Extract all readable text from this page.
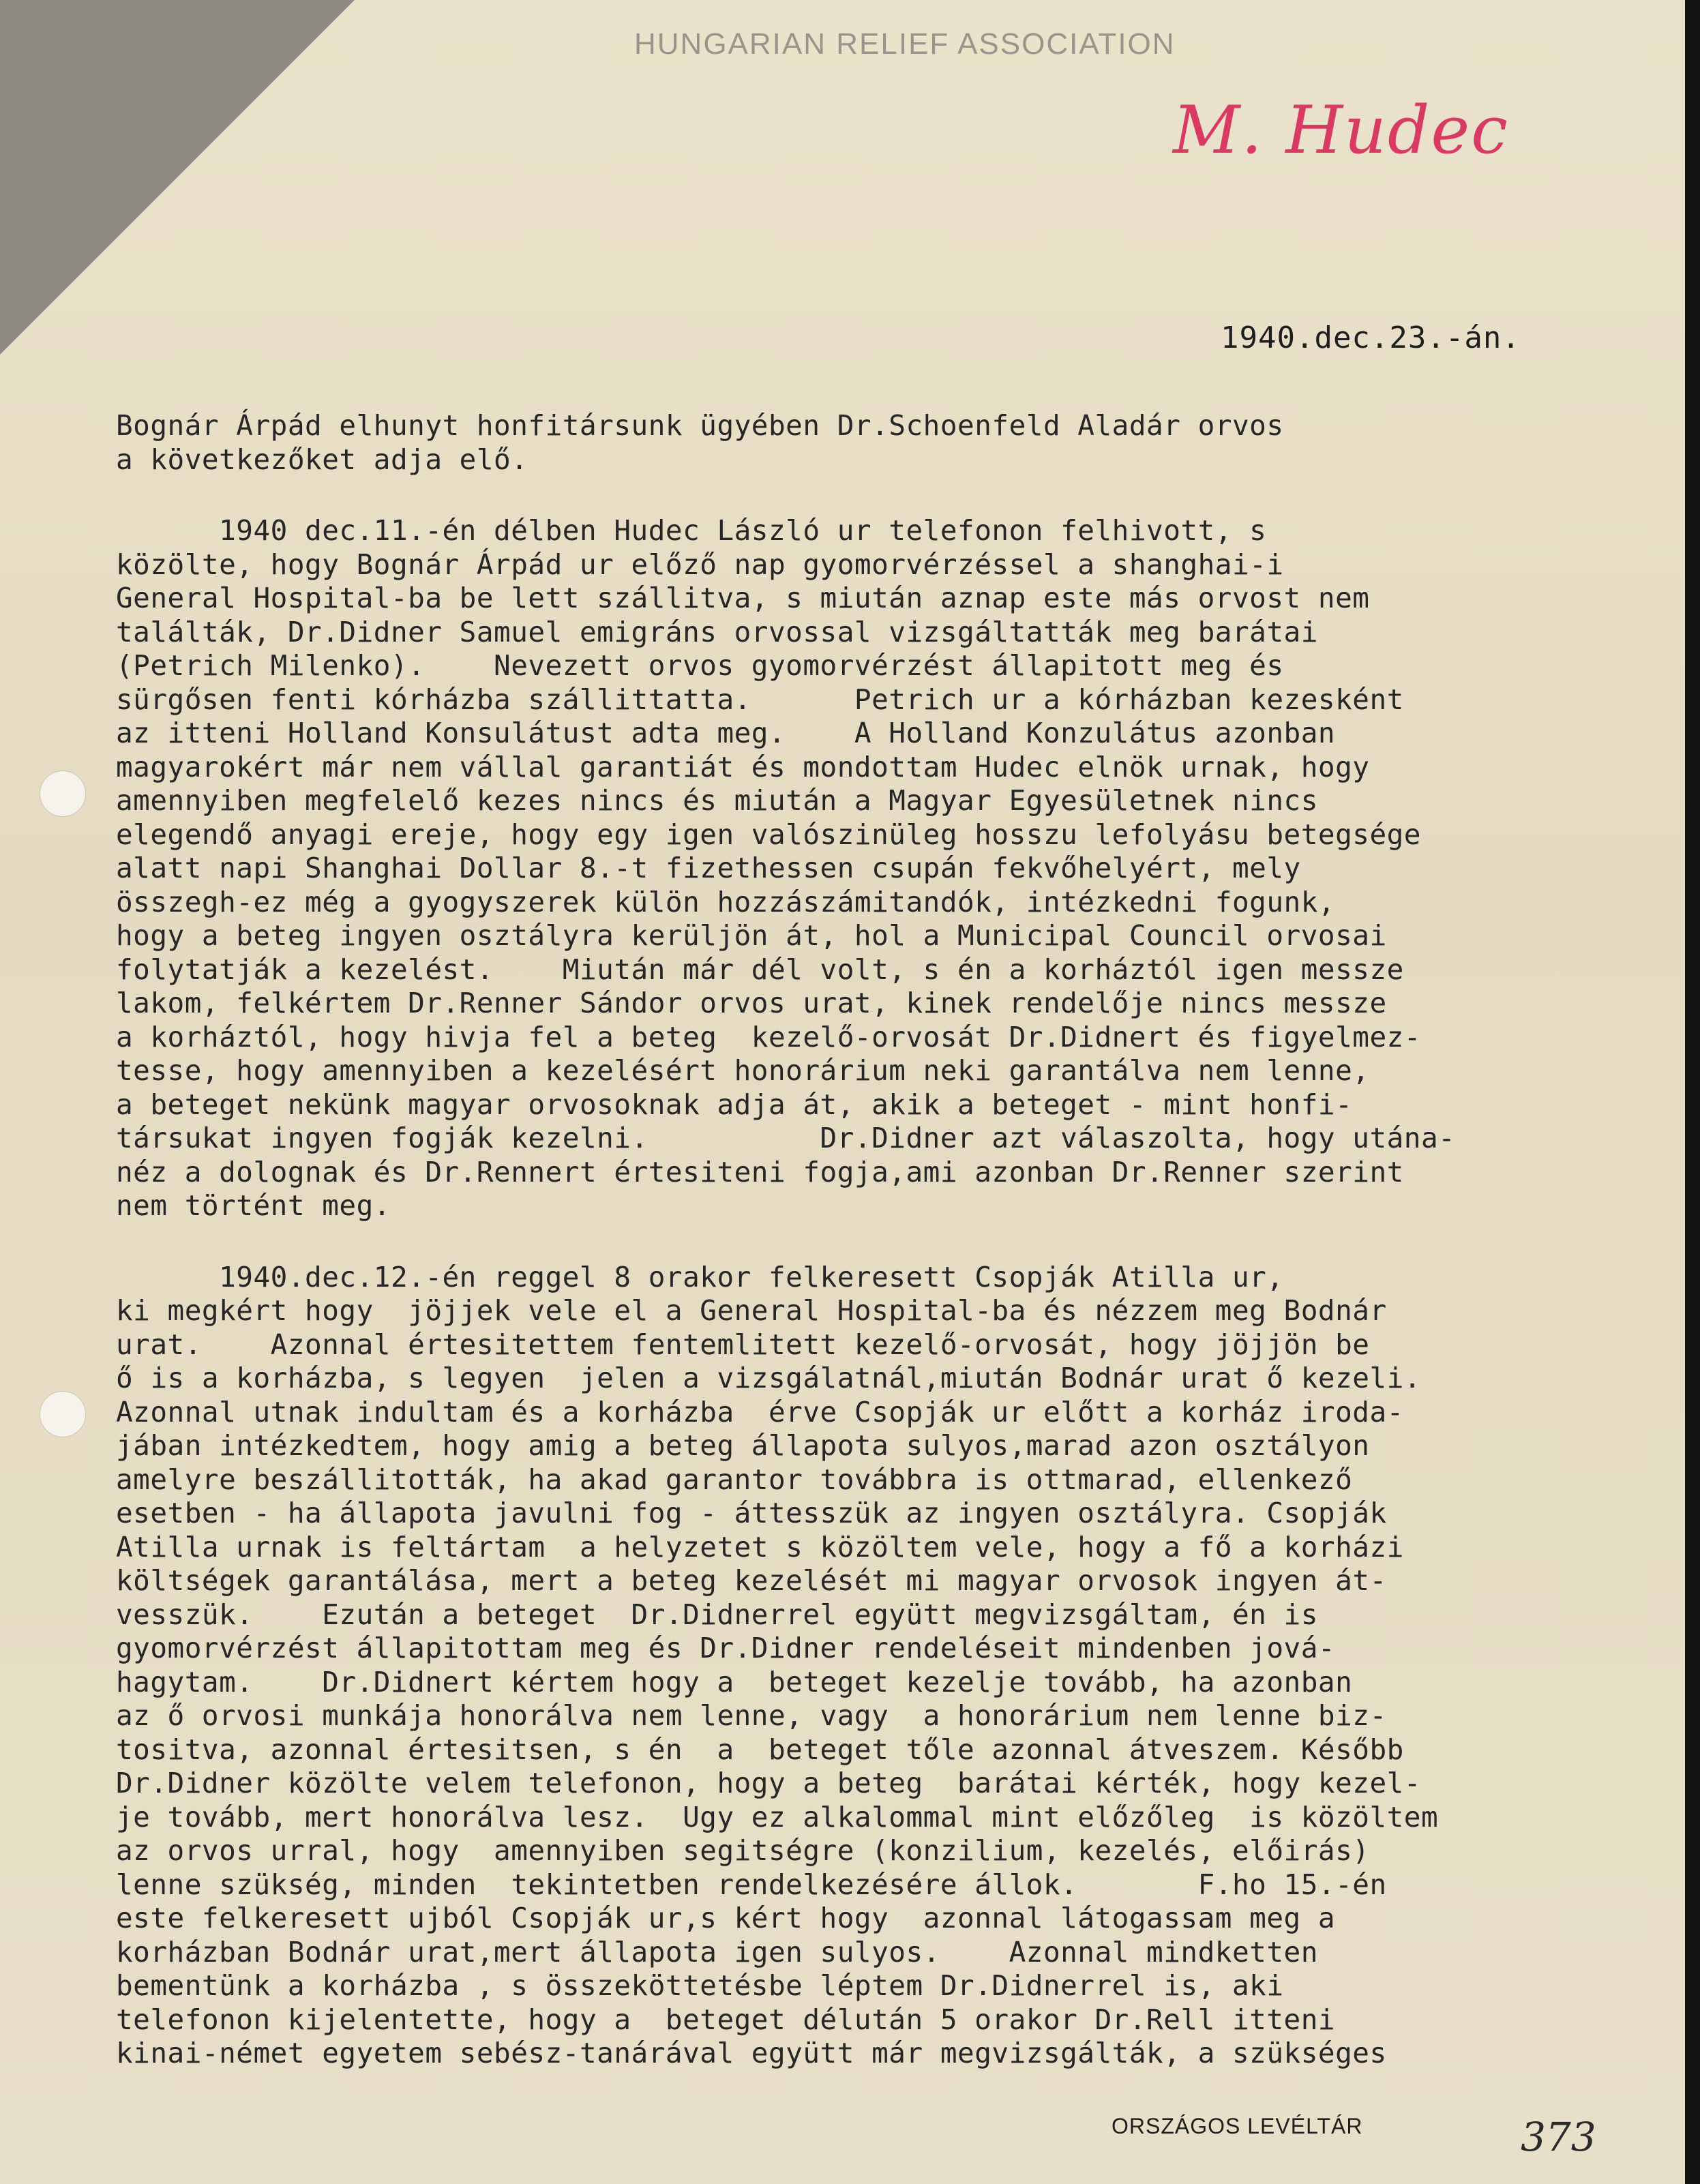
HUNGARIAN RELIEF ASSOCIATION
M. Hudec
1940.dec.23.-án.
Bognár Árpád elhunyt honfitársunk ügyében Dr.Schoenfeld Aladár orvos
a következőket adja elő.
1940 dec.11.-én délben Hudec László ur telefonon felhivott, s
közölte, hogy Bognár Árpád ur előző nap gyomorvérzéssel a shanghai-i
General Hospital-ba be lett szállitva, s miután aznap este más orvost nem
találták, Dr.Didner Samuel emigráns orvossal vizsgáltatták meg barátai
(Petrich Milenko).    Nevezett orvos gyomorvérzést állapitott meg és
sürgősen fenti kórházba szállittatta.      Petrich ur a kórházban kezesként
az itteni Holland Konsulátust adta meg.    A Holland Konzulátus azonban
magyarokért már nem vállal garantiát és mondottam Hudec elnök urnak, hogy
amennyiben megfelelő kezes nincs és miután a Magyar Egyesületnek nincs
elegendő anyagi ereje, hogy egy igen valószinüleg hosszu lefolyásu betegsége
alatt napi Shanghai Dollar 8.-t fizethessen csupán fekvőhelyért, mely
összegh-ez még a gyogyszerek külön hozzászámitandók, intézkedni fogunk,
hogy a beteg ingyen osztályra kerüljön át, hol a Municipal Council orvosai
folytatják a kezelést.    Miután már dél volt, s én a korháztól igen messze
lakom, felkértem Dr.Renner Sándor orvos urat, kinek rendelője nincs messze
a korháztól, hogy hivja fel a beteg  kezelő-orvosát Dr.Didnert és figyelmez-
tesse, hogy amennyiben a kezelésért honorárium neki garantálva nem lenne,
a beteget nekünk magyar orvosoknak adja át, akik a beteget - mint honfi-
társukat ingyen fogják kezelni.          Dr.Didner azt válaszolta, hogy utána-
néz a dolognak és Dr.Rennert értesiteni fogja,ami azonban Dr.Renner szerint
nem történt meg.
1940.dec.12.-én reggel 8 orakor felkeresett Csopják Atilla ur,
ki megkért hogy  jöjjek vele el a General Hospital-ba és nézzem meg Bodnár
urat.    Azonnal értesitettem fentemlitett kezelő-orvosát, hogy jöjjön be
ő is a korházba, s legyen  jelen a vizsgálatnál,miután Bodnár urat ő kezeli.
Azonnal utnak indultam és a korházba  érve Csopják ur előtt a korház iroda-
jában intézkedtem, hogy amig a beteg állapota sulyos,marad azon osztályon
amelyre beszállitották, ha akad garantor továbbra is ottmarad, ellenkező
esetben - ha állapota javulni fog - áttesszük az ingyen osztályra. Csopják
Atilla urnak is feltártam  a helyzetet s közöltem vele, hogy a fő a korházi
költségek garantálása, mert a beteg kezelését mi magyar orvosok ingyen át-
vesszük.    Ezután a beteget  Dr.Didnerrel együtt megvizsgáltam, én is
gyomorvérzést állapitottam meg és Dr.Didner rendeléseit mindenben jová-
hagytam.    Dr.Didnert kértem hogy a  beteget kezelje tovább, ha azonban
az ő orvosi munkája honorálva nem lenne, vagy  a honorárium nem lenne biz-
tositva, azonnal értesitsen, s én  a  beteget tőle azonnal átveszem. Később
Dr.Didner közölte velem telefonon, hogy a beteg  barátai kérték, hogy kezel-
je tovább, mert honorálva lesz.  Ugy ez alkalommal mint előzőleg  is közöltem
az orvos urral, hogy  amennyiben segitségre (konzilium, kezelés, előirás)
lenne szükség, minden  tekintetben rendelkezésére állok.       F.ho 15.-én
este felkeresett ujból Csopják ur,s kért hogy  azonnal látogassam meg a
korházban Bodnár urat,mert állapota igen sulyos.    Azonnal mindketten
bementünk a korházba , s összeköttetésbe léptem Dr.Didnerrel is, aki
telefonon kijelentette, hogy a  beteget délután 5 orakor Dr.Rell itteni
kinai-német egyetem sebész-tanárával együtt már megvizsgálták, a szükséges
ORSZÁGOS LEVÉLTÁR	373
